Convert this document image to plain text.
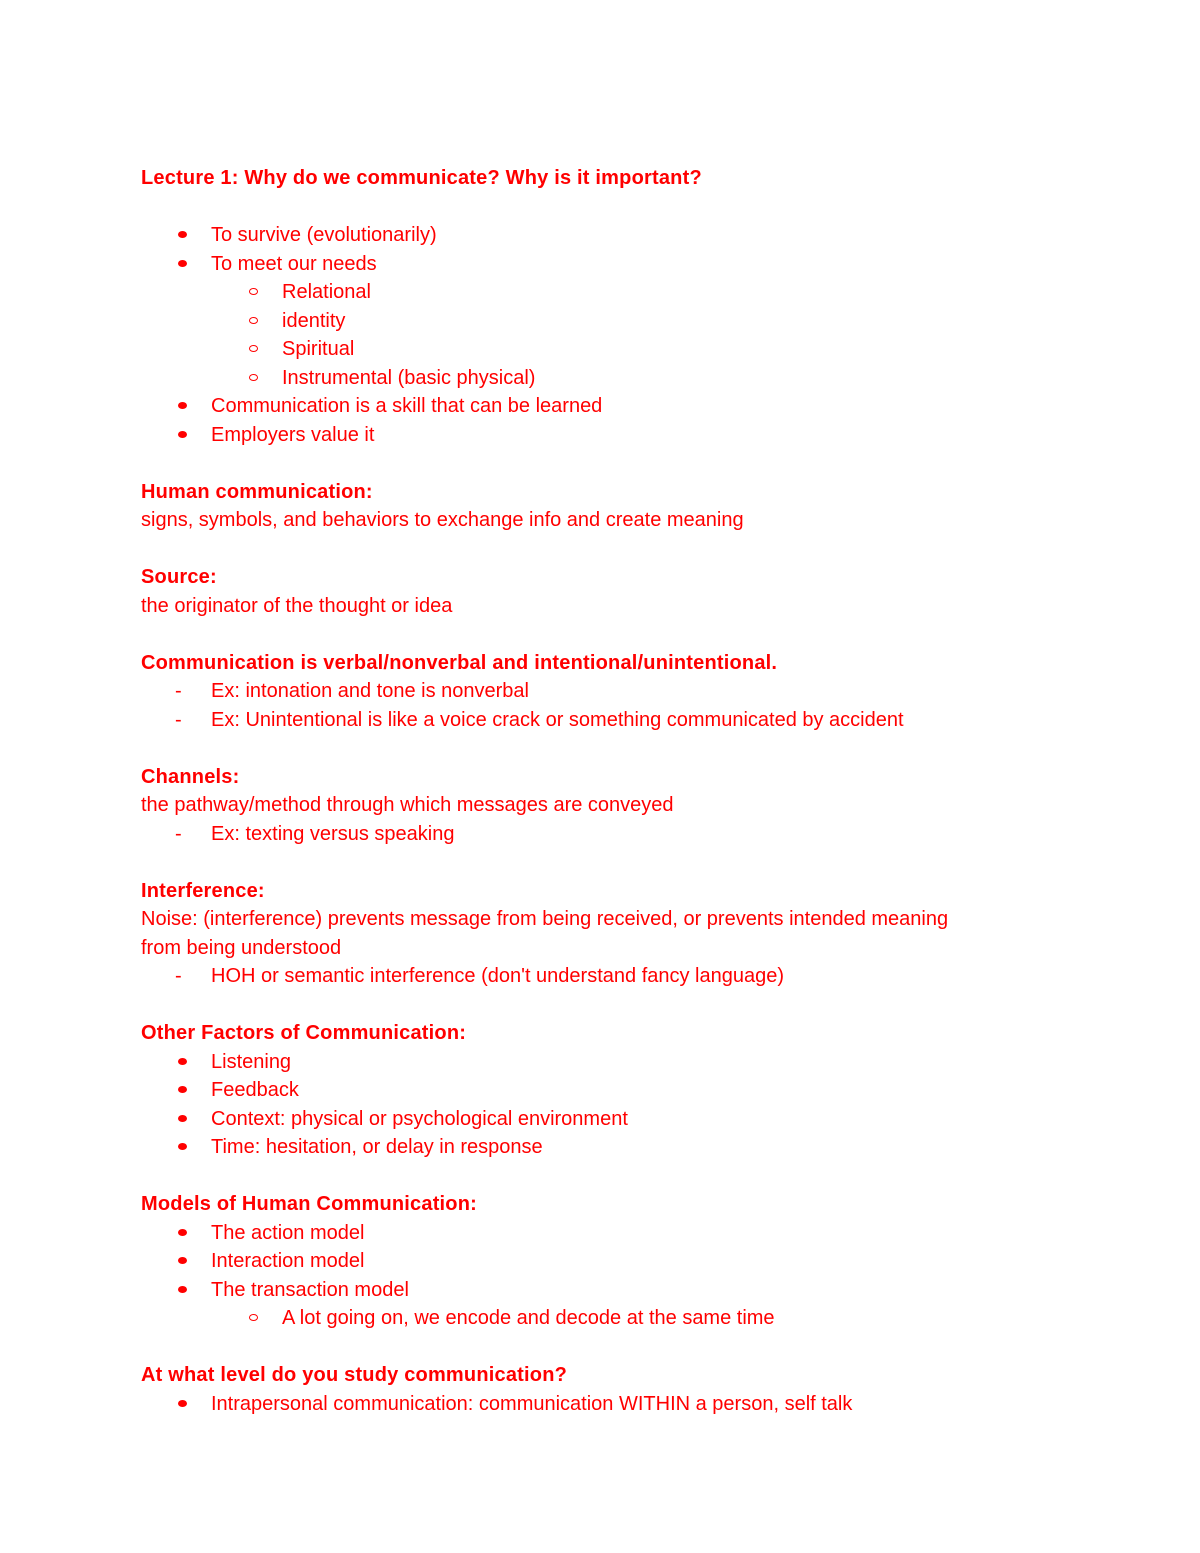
Lecture 1: Why do we communicate? Why is it important?

To survive (evolutionarily)
To meet our needs
Relational
identity
Spiritual
Instrumental (basic physical)
Communication is a skill that can be learned
Employers value it

Human communication:

signs, symbols, and behaviors to exchange info and create meaning

Source:

the originator of the thought or idea

Communication is verbal/nonverbal and intentional/unintentional.

- Ex: intonation and tone is nonverbal
- Ex: Unintentional is like a voice crack or something communicated by accident

Channels:

the pathway/method through which messages are conveyed

- Ex: texting versus speaking

Interference:

Noise: (interference) prevents message from being received, or prevents intended meaning

from being understood

- HOH or semantic interference (don't understand fancy language)

Other Factors of Communication:

Listening
Feedback
Context: physical or psychological environment
Time: hesitation, or delay in response

Models of Human Communication:

The action model
Interaction model
The transaction model
A lot going on, we encode and decode at the same time

At what level do you study communication?

Intrapersonal communication: communication WITHIN a person, self talk
